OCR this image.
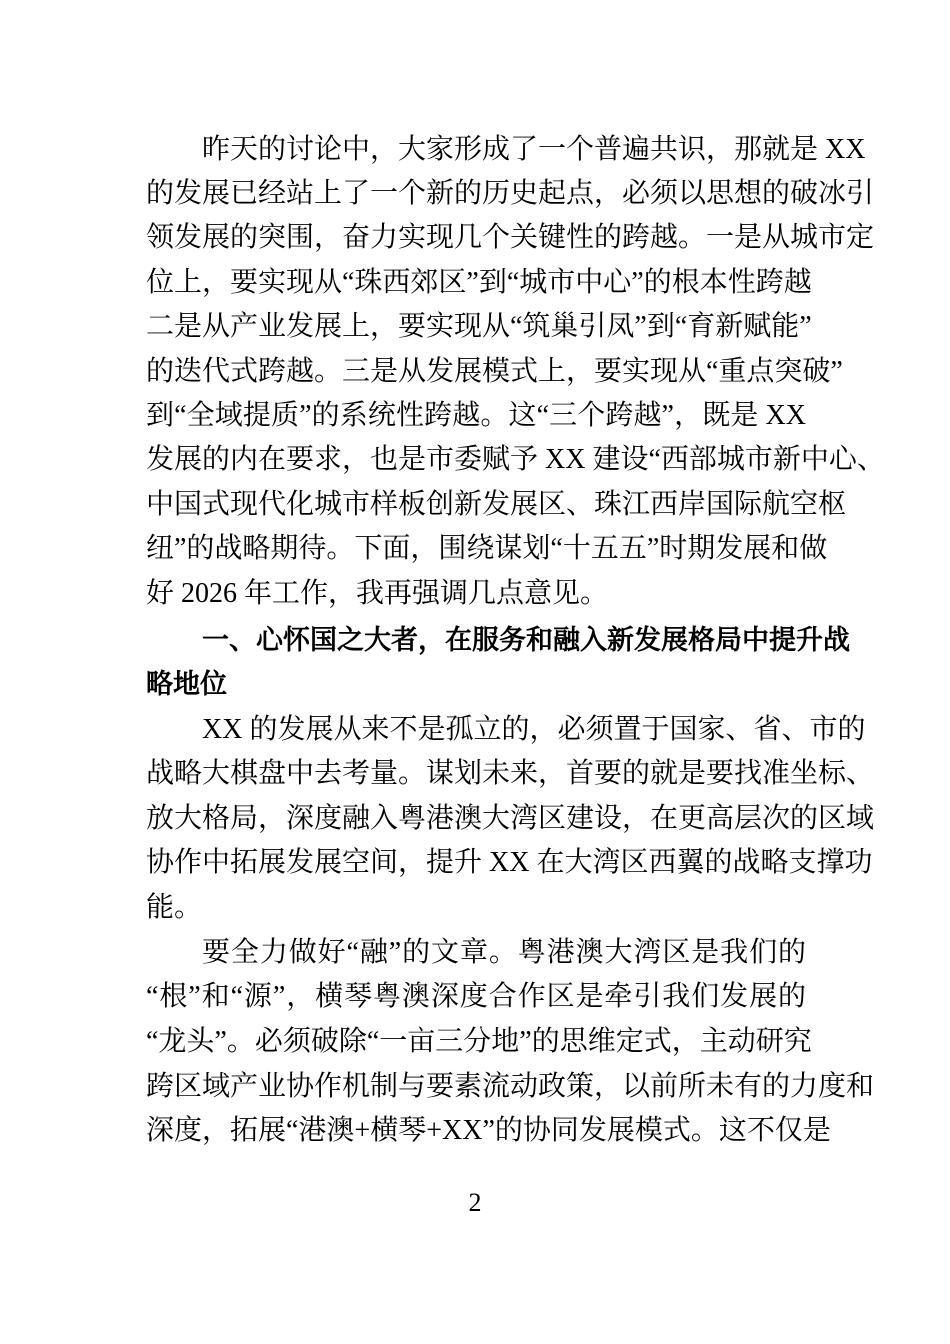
2
昨天的讨论中，大家形成了一个普遍共识，那就是 XX
的发展已经站上了一个新的历史起点，必须以思想的破冰引
领发展的突围，奋力实现几个关键性的跨越。一是从城市定
位上，要实现从“珠西郊区”到“城市中心”的根本性跨越
二是从产业发展上，要实现从“筑巢引凤”到“育新赋能”
的迭代式跨越。三是从发展模式上，要实现从“重点突破”
到“全域提质”的系统性跨越。这“三个跨越”，既是 XX
发展的内在要求，也是市委赋予 XX 建设“西部城市新中心、
中国式现代化城市样板创新发展区、珠江西岸国际航空枢
纽”的战略期待。下面，围绕谋划“十五五”时期发展和做
好 2026 年工作，我再强调几点意见。
一、心怀国之大者，在服务和融入新发展格局中提升战
略地位
XX 的发展从来不是孤立的，必须置于国家、省、市的
战略大棋盘中去考量。谋划未来，首要的就是要找准坐标、
放大格局，深度融入粤港澳大湾区建设，在更高层次的区域
协作中拓展发展空间，提升 XX 在大湾区西翼的战略支撑功
能。
要全力做好“融”的文章。粤港澳大湾区是我们的
“根”和“源”，横琴粤澳深度合作区是牵引我们发展的
“龙头”。必须破除“一亩三分地”的思维定式，主动研究
跨区域产业协作机制与要素流动政策，以前所未有的力度和
深度，拓展“港澳+横琴+XX”的协同发展模式。这不仅是
